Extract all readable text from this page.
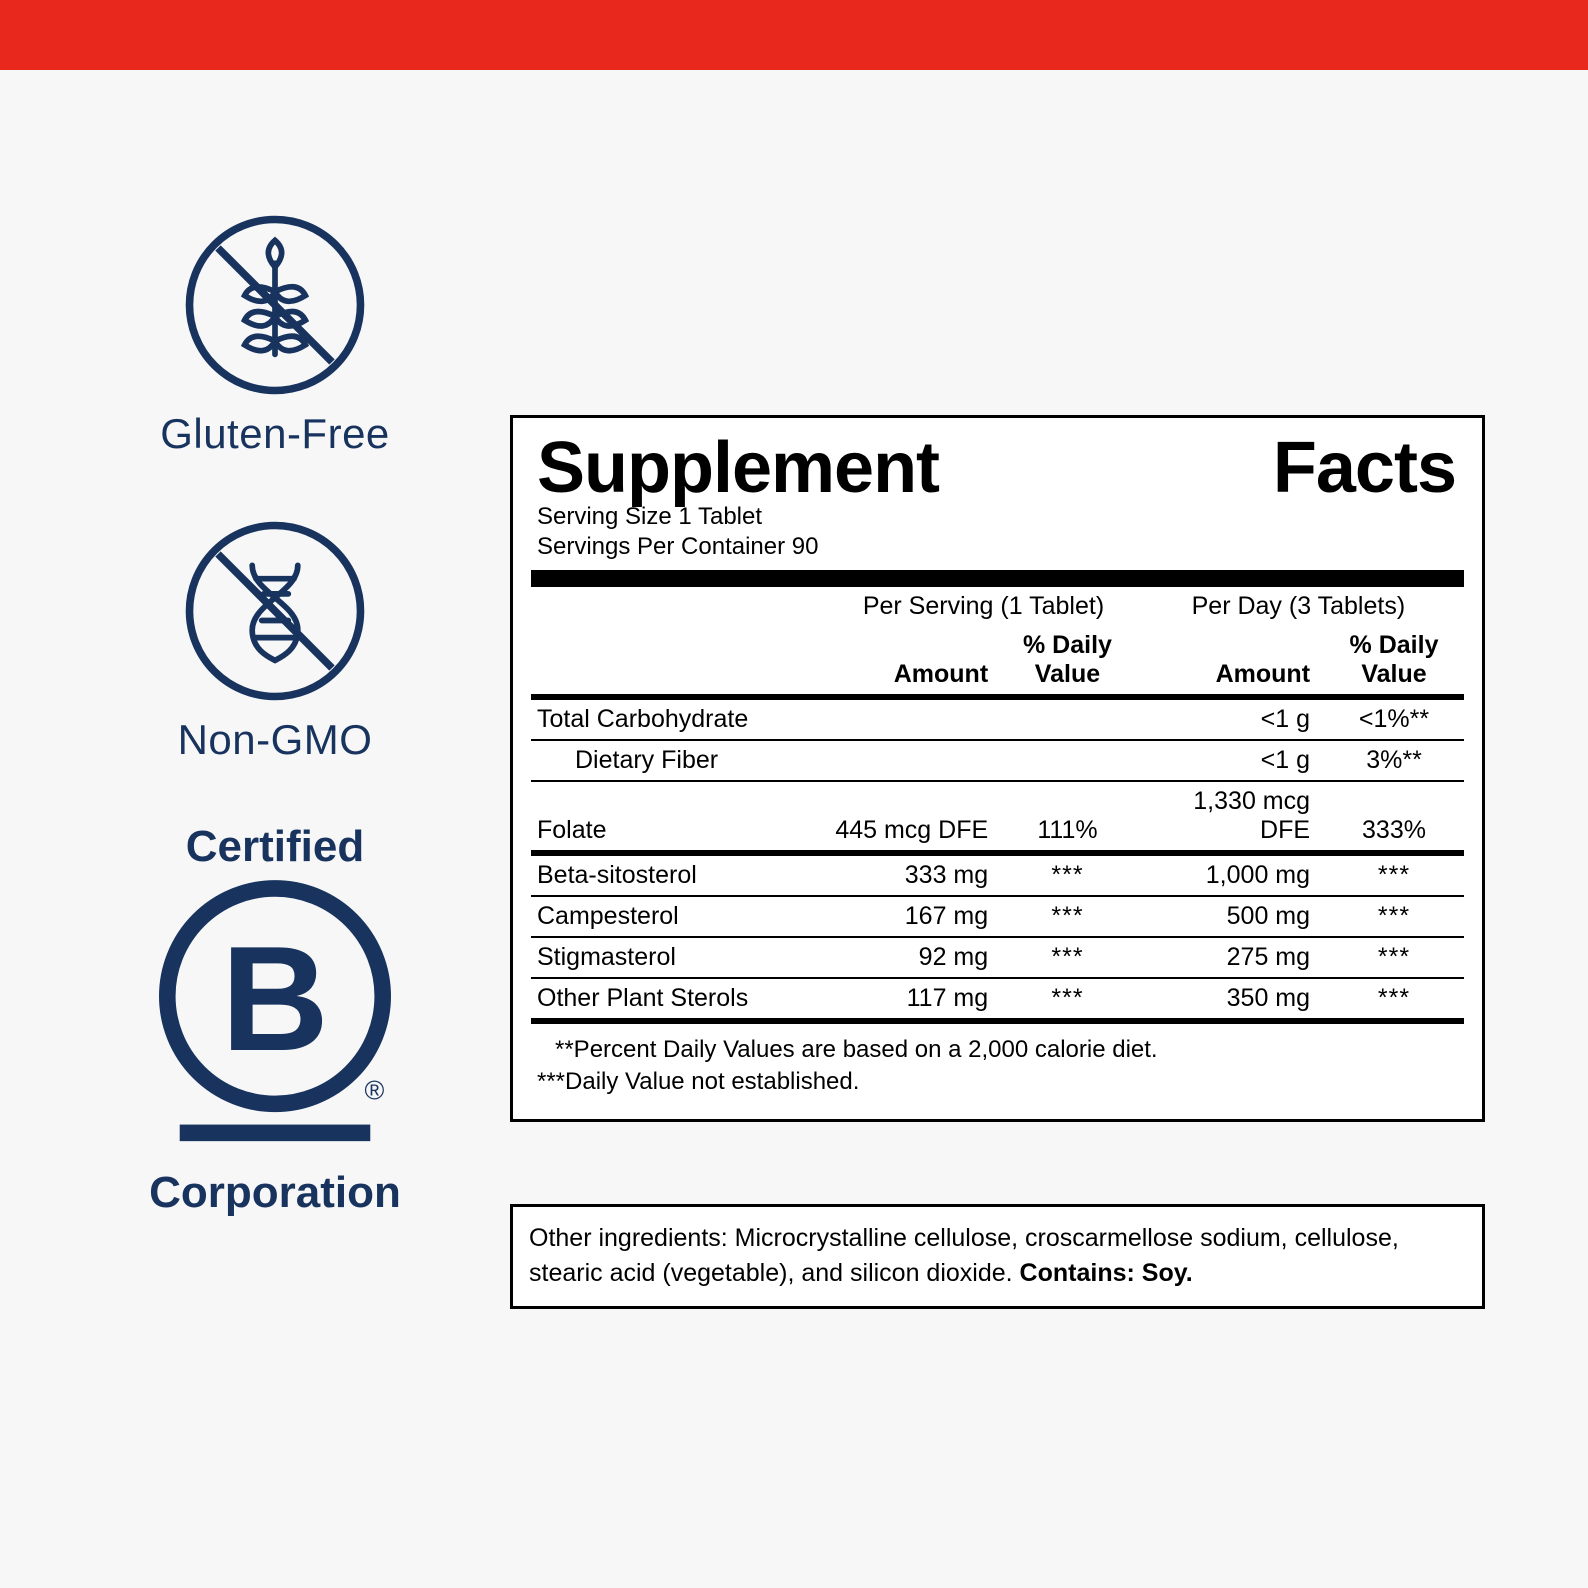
Gluten-Free
Non-GMO
Certified
B
®
Corporation
Supplement	Facts
Serving Size 1 Tablet
Servings Per Container 90
	Per Serving (1 Tablet)		Per Day (3 Tablets)	
	Amount	% Daily Value	Amount	% Daily Value
Total Carbohydrate			<1 g	<1%**
Dietary Fiber			<1 g	3%**
Folate	445 mcg DFE	111%	1,330 mcg DFE	333%
Beta-sitosterol	333 mg	***	1,000 mg	***
Campesterol	167 mg	***	500 mg	***
Stigmasterol	92 mg	***	275 mg	***
Other Plant Sterols	117 mg	***	350 mg	***
**Percent Daily Values are based on a 2,000 calorie diet.
***Daily Value not established.
Other ingredients: Microcrystalline cellulose, croscarmellose sodium, cellulose, stearic acid (vegetable), and silicon dioxide. Contains: Soy.
